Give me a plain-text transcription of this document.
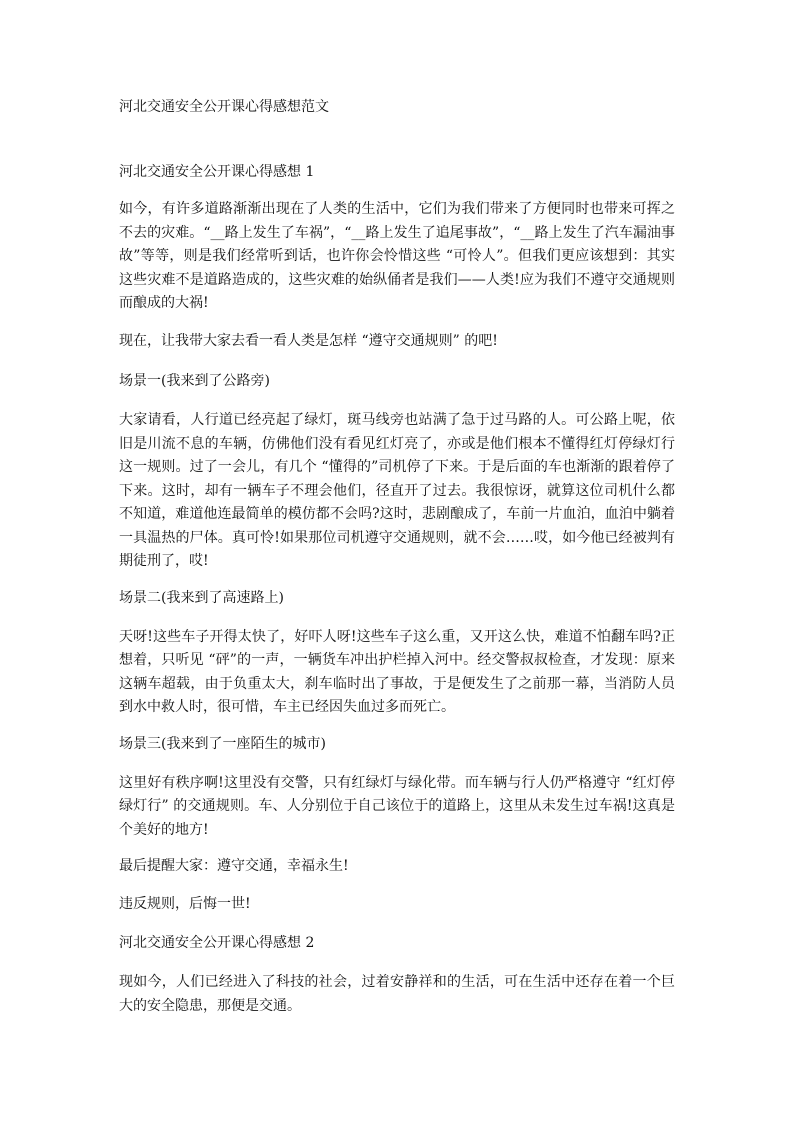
河北交通安全公开课心得感想范文
河北交通安全公开课心得感想 1

如今，有许多道路渐渐出现在了人类的生活中，它们为我们带来了方便同时也带来可挥之不去的灾难。“__路上发生了车祸”，“__路上发生了追尾事故”，“__路上发生了汽车漏油事故”等等，则是我们经常听到话，也许你会怜惜这些 “可怜人”。但我们更应该想到：其实这些灾难不是道路造成的，这些灾难的始纵俑者是我们——人类!应为我们不遵守交通规则而酿成的大祸!

现在，让我带大家去看一看人类是怎样 “遵守交通规则” 的吧!

场景一(我来到了公路旁)

大家请看，人行道已经亮起了绿灯，斑马线旁也站满了急于过马路的人。可公路上呢，依旧是川流不息的车辆，仿佛他们没有看见红灯亮了，亦或是他们根本不懂得红灯停绿灯行这一规则。过了一会儿，有几个 “懂得的”司机停了下来。于是后面的车也渐渐的跟着停了下来。这时，却有一辆车子不理会他们，径直开了过去。我很惊讶，就算这位司机什么都不知道，难道他连最简单的模仿都不会吗?这时，悲剧酿成了，车前一片血泊，血泊中躺着一具温热的尸体。真可怜!如果那位司机遵守交通规则，就不会……哎，如今他已经被判有期徒刑了，哎!

场景二(我来到了高速路上)

天呀!这些车子开得太快了，好吓人呀!这些车子这么重，又开这么快，难道不怕翻车吗?正想着，只听见 “砰”的一声，一辆货车冲出护栏掉入河中。经交警叔叔检查，才发现：原来这辆车超载，由于负重太大，刹车临时出了事故，于是便发生了之前那一幕，当消防人员到水中救人时，很可惜，车主已经因失血过多而死亡。

场景三(我来到了一座陌生的城市)

这里好有秩序啊!这里没有交警，只有红绿灯与绿化带。而车辆与行人仍严格遵守 “红灯停绿灯行” 的交通规则。车、人分别位于自己该位于的道路上，这里从未发生过车祸!这真是个美好的地方!

最后提醒大家：遵守交通，幸福永生!

违反规则，后悔一世!

河北交通安全公开课心得感想 2

现如今，人们已经进入了科技的社会，过着安静祥和的生活，可在生活中还存在着一个巨大的安全隐患，那便是交通。
